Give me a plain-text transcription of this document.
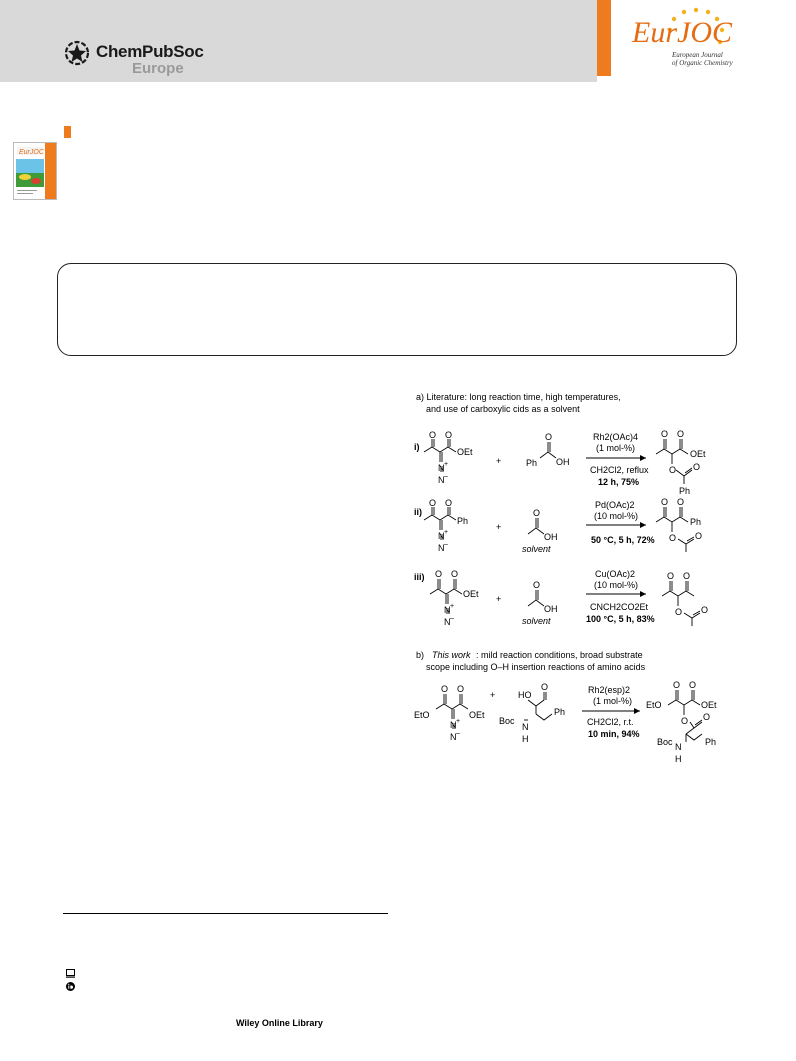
ChemPubSoc
Europe
EurJOC
European Journal
of Organic Chemistry
EurJOC
a) Literature: long reaction time, high temperatures,
and use of carboxylic cids as a solvent
i)
O O
OEt
N +
N –
+
O
Ph OH
Rh2(OAc)4
(1 mol-%)
CH2Cl2, reflux
12 h, 75%
O O
OEt
O O
Ph
ii)
O O
Ph
N +
N –
+
O
OH
solvent
Pd(OAc)2
(10 mol-%)
50 °C, 5 h, 72%
O O
Ph
O O
iii) O O
OEt
N +
N –
+
O
OH
solvent
Cu(OAc)2
(10 mol-%)
CNCH2CO2Et
100 °C, 5 h, 83%
O O
O O
b) This work : mild reaction conditions, broad substrate
scope including O–H insertion reactions of amino acids
O O
EtO	OEt
N +
N –
+	HO
O
Boc
N
H
Ph
Rh2(esp)2
(1 mol-%)
CH2Cl2, r.t.
10 min, 94%
O O
EtO	OEt
O O
Boc N
H
Ph
Wiley Online Library
